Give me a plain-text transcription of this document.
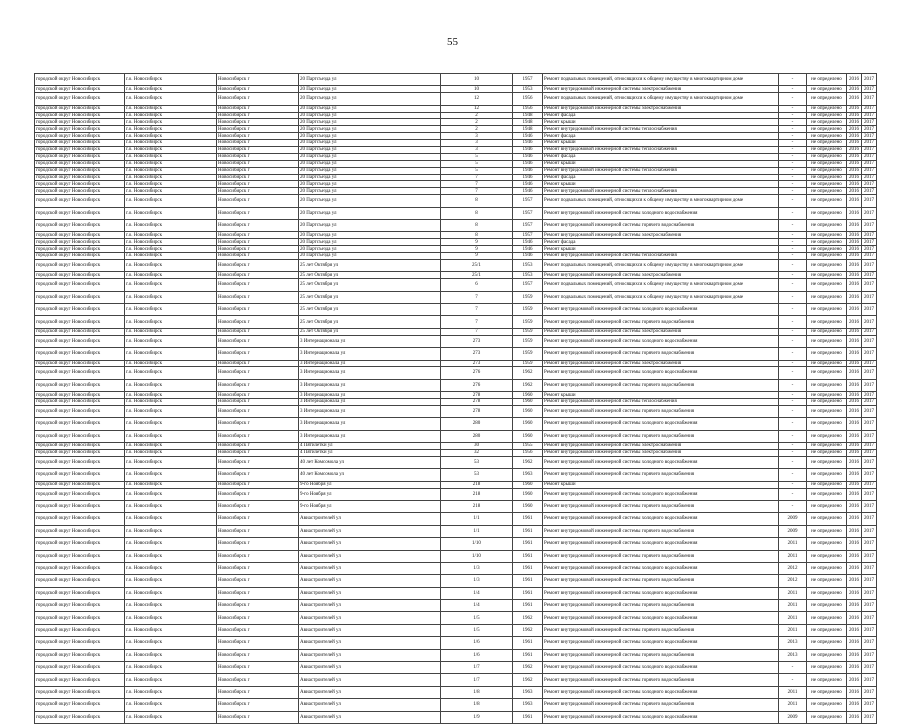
55
городской округ Новосибирск	г.о. Новосибирск	Новосибирск г	20 Партсъезда ул	10	1957	Ремонт подвальных помещений, относящихся к общему имуществу в многоквартирном доме	-	не определено	2016	2017
городской округ Новосибирск	г.о. Новосибирск	Новосибирск г	20 Партсъезда ул	10	1953	Ремонт внутридомовой инженерной системы электроснабжения	-	не определено	2016	2017
городской округ Новосибирск	г.о. Новосибирск	Новосибирск г	20 Партсъезда ул	12	1956	Ремонт подвальных помещений, относящихся к общему имуществу в многоквартирном доме	-	не определено	2016	2017
городской округ Новосибирск	г.о. Новосибирск	Новосибирск г	20 Партсъезда ул	12	1956	Ремонт внутридомовой инженерной системы электроснабжения	-	не определено	2016	2017
городской округ Новосибирск	г.о. Новосибирск	Новосибирск г	20 Партсъезда ул	2	1948	Ремонт фасада	-	не определено	2016	2017
городской округ Новосибирск	г.о. Новосибирск	Новосибирск г	20 Партсъезда ул	2	1948	Ремонт крыши	-	не определено	2016	2017
городской округ Новосибирск	г.о. Новосибирск	Новосибирск г	20 Партсъезда ул	2	1948	Ремонт внутридомовой инженерной системы теплоснабжения	-	не определено	2016	2017
городской округ Новосибирск	г.о. Новосибирск	Новосибирск г	20 Партсъезда ул	3	1946	Ремонт фасада	-	не определено	2016	2017
городской округ Новосибирск	г.о. Новосибирск	Новосибирск г	20 Партсъезда ул	3	1946	Ремонт крыши	-	не определено	2016	2017
городской округ Новосибирск	г.о. Новосибирск	Новосибирск г	20 Партсъезда ул	3	1946	Ремонт внутридомовой инженерной системы теплоснабжения	-	не определено	2016	2017
городской округ Новосибирск	г.о. Новосибирск	Новосибирск г	20 Партсъезда ул	5	1946	Ремонт фасада	-	не определено	2016	2017
городской округ Новосибирск	г.о. Новосибирск	Новосибирск г	20 Партсъезда ул	5	1946	Ремонт крыши	-	не определено	2016	2017
городской округ Новосибирск	г.о. Новосибирск	Новосибирск г	20 Партсъезда ул	5	1946	Ремонт внутридомовой инженерной системы теплоснабжения	-	не определено	2016	2017
городской округ Новосибирск	г.о. Новосибирск	Новосибирск г	20 Партсъезда ул	7	1946	Ремонт фасада	-	не определено	2016	2017
городской округ Новосибирск	г.о. Новосибирск	Новосибирск г	20 Партсъезда ул	7	1946	Ремонт крыши	-	не определено	2016	2017
городской округ Новосибирск	г.о. Новосибирск	Новосибирск г	20 Партсъезда ул	7	1946	Ремонт внутридомовой инженерной системы теплоснабжения	-	не определено	2016	2017
городской округ Новосибирск	г.о. Новосибирск	Новосибирск г	20 Партсъезда ул	8	1957	Ремонт подвальных помещений, относящихся к общему имуществу в многоквартирном доме	-	не определено	2016	2017
городской округ Новосибирск	г.о. Новосибирск	Новосибирск г	20 Партсъезда ул	8	1957	Ремонт внутридомовой инженерной системы холодного водоснабжения	-	не определено	2016	2017
городской округ Новосибирск	г.о. Новосибирск	Новосибирск г	20 Партсъезда ул	8	1957	Ремонт внутридомовой инженерной системы горячего водоснабжения	-	не определено	2016	2017
городской округ Новосибирск	г.о. Новосибирск	Новосибирск г	20 Партсъезда ул	8	1957	Ремонт внутридомовой инженерной системы электроснабжения	-	не определено	2016	2017
городской округ Новосибирск	г.о. Новосибирск	Новосибирск г	20 Партсъезда ул	9	1946	Ремонт фасада	-	не определено	2016	2017
городской округ Новосибирск	г.о. Новосибирск	Новосибирск г	20 Партсъезда ул	9	1946	Ремонт крыши	-	не определено	2016	2017
городской округ Новосибирск	г.о. Новосибирск	Новосибирск г	20 Партсъезда ул	9	1946	Ремонт внутридомовой инженерной системы теплоснабжения	-	не определено	2016	2017
городской округ Новосибирск	г.о. Новосибирск	Новосибирск г	25 лет Октября ул	25/1	1953	Ремонт подвальных помещений, относящихся к общему имуществу в многоквартирном доме	-	не определено	2016	2017
городской округ Новосибирск	г.о. Новосибирск	Новосибирск г	25 лет Октября ул	25/1	1953	Ремонт внутридомовой инженерной системы электроснабжения	-	не определено	2016	2017
городской округ Новосибирск	г.о. Новосибирск	Новосибирск г	25 лет Октября ул	6	1957	Ремонт подвальных помещений, относящихся к общему имуществу в многоквартирном доме	-	не определено	2016	2017
городской округ Новосибирск	г.о. Новосибирск	Новосибирск г	25 лет Октября ул	7	1959	Ремонт подвальных помещений, относящихся к общему имуществу в многоквартирном доме	-	не определено	2016	2017
городской округ Новосибирск	г.о. Новосибирск	Новосибирск г	25 лет Октября ул	7	1959	Ремонт внутридомовой инженерной системы холодного водоснабжения	-	не определено	2016	2017
городской округ Новосибирск	г.о. Новосибирск	Новосибирск г	25 лет Октября ул	7	1959	Ремонт внутридомовой инженерной системы горячего водоснабжения	-	не определено	2016	2017
городской округ Новосибирск	г.о. Новосибирск	Новосибирск г	25 лет Октября ул	7	1959	Ремонт внутридомовой инженерной системы электроснабжения	-	не определено	2016	2017
городской округ Новосибирск	г.о. Новосибирск	Новосибирск г	3 Интернационала ул	273	1959	Ремонт внутридомовой инженерной системы холодного водоснабжения	-	не определено	2016	2017
городской округ Новосибирск	г.о. Новосибирск	Новосибирск г	3 Интернационала ул	273	1959	Ремонт внутридомовой инженерной системы горячего водоснабжения	-	не определено	2016	2017
городской округ Новосибирск	г.о. Новосибирск	Новосибирск г	3 Интернационала ул	273	1959	Ремонт внутридомовой инженерной системы электроснабжения	-	не определено	2016	2017
городской округ Новосибирск	г.о. Новосибирск	Новосибирск г	3 Интернационала ул	276	1962	Ремонт внутридомовой инженерной системы холодного водоснабжения	-	не определено	2016	2017
городской округ Новосибирск	г.о. Новосибирск	Новосибирск г	3 Интернационала ул	276	1962	Ремонт внутридомовой инженерной системы горячего водоснабжения	-	не определено	2016	2017
городской округ Новосибирск	г.о. Новосибирск	Новосибирск г	3 Интернационала ул	278	1960	Ремонт крыши	-	не определено	2016	2017
городской округ Новосибирск	г.о. Новосибирск	Новосибирск г	3 Интернационала ул	278	1960	Ремонт внутридомовой инженерной системы теплоснабжения	-	не определено	2016	2017
городской округ Новосибирск	г.о. Новосибирск	Новосибирск г	3 Интернационала ул	278	1960	Ремонт внутридомовой инженерной системы горячего водоснабжения	-	не определено	2016	2017
городской округ Новосибирск	г.о. Новосибирск	Новосибирск г	3 Интернационала ул	280	1960	Ремонт внутридомовой инженерной системы холодного водоснабжения	-	не определено	2016	2017
городской округ Новосибирск	г.о. Новосибирск	Новосибирск г	3 Интернационала ул	280	1960	Ремонт внутридомовой инженерной системы горячего водоснабжения	-	не определено	2016	2017
городской округ Новосибирск	г.о. Новосибирск	Новосибирск г	4 Пятилетки ул	30	1955	Ремонт внутридомовой инженерной системы электроснабжения	-	не определено	2016	2017
городской округ Новосибирск	г.о. Новосибирск	Новосибирск г	4 Пятилетки ул	32	1956	Ремонт внутридомовой инженерной системы электроснабжения	-	не определено	2016	2017
городской округ Новосибирск	г.о. Новосибирск	Новосибирск г	40 лет Комсомола ул	53	1962	Ремонт внутридомовой инженерной системы холодного водоснабжения	-	не определено	2016	2017
городской округ Новосибирск	г.о. Новосибирск	Новосибирск г	40 лет Комсомола ул	53	1963	Ремонт внутридомовой инженерной системы горячего водоснабжения	-	не определено	2016	2017
городской округ Новосибирск	г.о. Новосибирск	Новосибирск г	9-го Ноября ул	218	1960	Ремонт крыши	-	не определено	2016	2017
городской округ Новосибирск	г.о. Новосибирск	Новосибирск г	9-го Ноября ул	218	1960	Ремонт внутридомовой инженерной системы холодного водоснабжения	-	не определено	2016	2017
городской округ Новосибирск	г.о. Новосибирск	Новосибирск г	9-го Ноября ул	218	1960	Ремонт внутридомовой инженерной системы горячего водоснабжения	-	не определено	2016	2017
городской округ Новосибирск	г.о. Новосибирск	Новосибирск г	Авиастроителей ул	1/1	1961	Ремонт внутридомовой инженерной системы холодного водоснабжения	2009	не определено	2016	2017
городской округ Новосибирск	г.о. Новосибирск	Новосибирск г	Авиастроителей ул	1/1	1961	Ремонт внутридомовой инженерной системы горячего водоснабжения	2009	не определено	2016	2017
городской округ Новосибирск	г.о. Новосибирск	Новосибирск г	Авиастроителей ул	1/10	1961	Ремонт внутридомовой инженерной системы холодного водоснабжения	2011	не определено	2016	2017
городской округ Новосибирск	г.о. Новосибирск	Новосибирск г	Авиастроителей ул	1/10	1961	Ремонт внутридомовой инженерной системы горячего водоснабжения	2011	не определено	2016	2017
городской округ Новосибирск	г.о. Новосибирск	Новосибирск г	Авиастроителей ул	1/3	1961	Ремонт внутридомовой инженерной системы холодного водоснабжения	2012	не определено	2016	2017
городской округ Новосибирск	г.о. Новосибирск	Новосибирск г	Авиастроителей ул	1/3	1961	Ремонт внутридомовой инженерной системы горячего водоснабжения	2012	не определено	2016	2017
городской округ Новосибирск	г.о. Новосибирск	Новосибирск г	Авиастроителей ул	1/4	1961	Ремонт внутридомовой инженерной системы холодного водоснабжения	2011	не определено	2016	2017
городской округ Новосибирск	г.о. Новосибирск	Новосибирск г	Авиастроителей ул	1/4	1961	Ремонт внутридомовой инженерной системы горячего водоснабжения	2011	не определено	2016	2017
городской округ Новосибирск	г.о. Новосибирск	Новосибирск г	Авиастроителей ул	1/5	1962	Ремонт внутридомовой инженерной системы холодного водоснабжения	2011	не определено	2016	2017
городской округ Новосибирск	г.о. Новосибирск	Новосибирск г	Авиастроителей ул	1/5	1962	Ремонт внутридомовой инженерной системы горячего водоснабжения	2011	не определено	2016	2017
городской округ Новосибирск	г.о. Новосибирск	Новосибирск г	Авиастроителей ул	1/6	1961	Ремонт внутридомовой инженерной системы холодного водоснабжения	2013	не определено	2016	2017
городской округ Новосибирск	г.о. Новосибирск	Новосибирск г	Авиастроителей ул	1/6	1961	Ремонт внутридомовой инженерной системы горячего водоснабжения	2013	не определено	2016	2017
городской округ Новосибирск	г.о. Новосибирск	Новосибирск г	Авиастроителей ул	1/7	1962	Ремонт внутридомовой инженерной системы холодного водоснабжения	-	не определено	2016	2017
городской округ Новосибирск	г.о. Новосибирск	Новосибирск г	Авиастроителей ул	1/7	1962	Ремонт внутридомовой инженерной системы горячего водоснабжения	-	не определено	2016	2017
городской округ Новосибирск	г.о. Новосибирск	Новосибирск г	Авиастроителей ул	1/8	1963	Ремонт внутридомовой инженерной системы холодного водоснабжения	2011	не определено	2016	2017
городской округ Новосибирск	г.о. Новосибирск	Новосибирск г	Авиастроителей ул	1/8	1963	Ремонт внутридомовой инженерной системы горячего водоснабжения	2011	не определено	2016	2017
городской округ Новосибирск	г.о. Новосибирск	Новосибирск г	Авиастроителей ул	1/9	1961	Ремонт внутридомовой инженерной системы холодного водоснабжения	2009	не определено	2016	2017
